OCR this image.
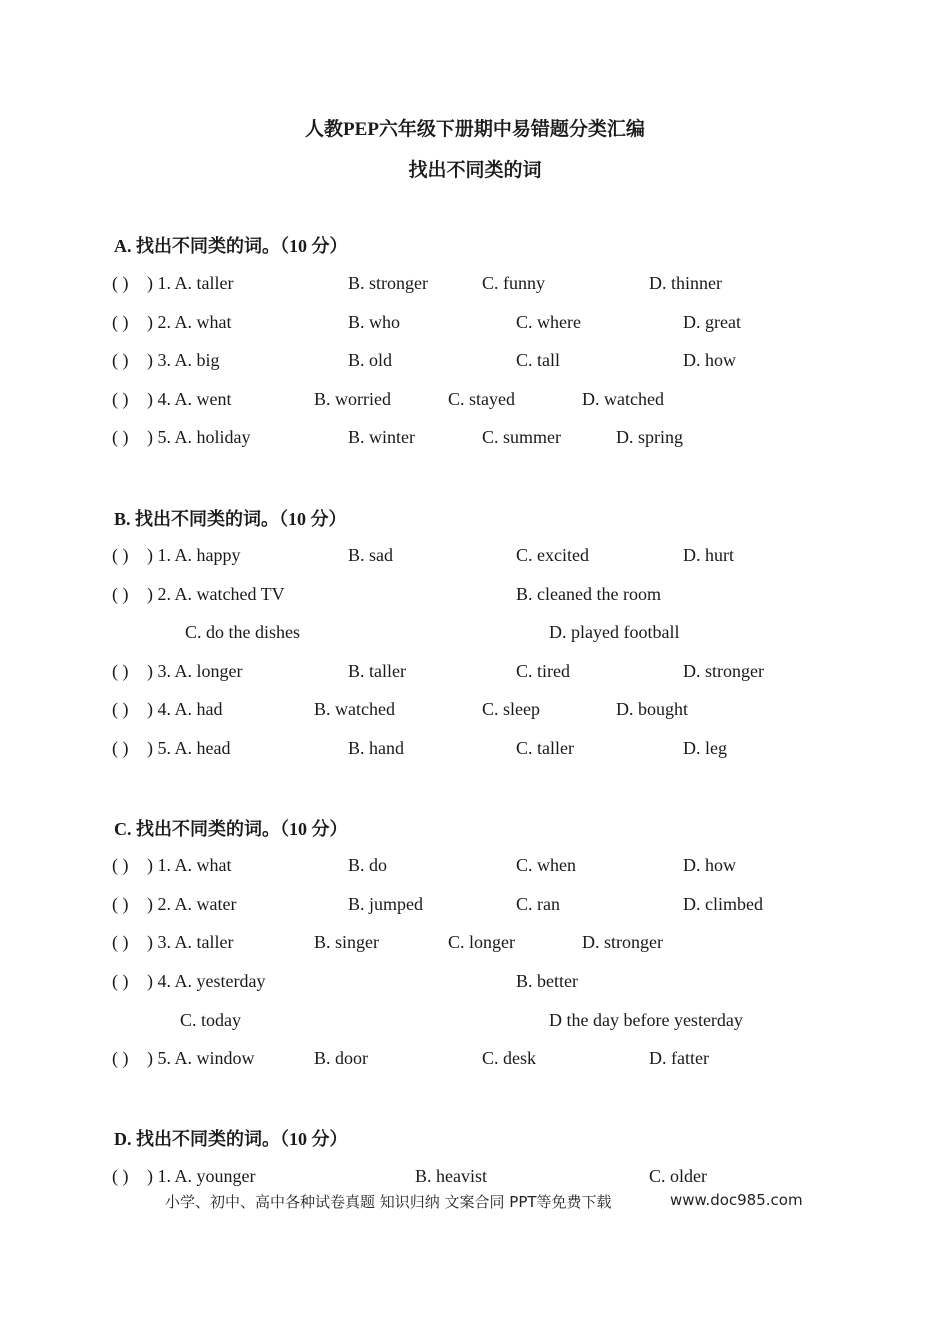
人教PEP六年级下册期中易错题分类汇编
找出不同类的词
A. 找出不同类的词。（10 分）
( ) ) 1. A. taller	B. stronger	C. funny	D. thinner
( ) ) 2. A. what	B. who	C. where	D. great
( ) ) 3. A. big	B. old	C. tall	D. how
( ) ) 4. A. went	B. worried	C. stayed	D. watched
( ) ) 5. A. holiday	B. winter	C. summer	D. spring
B. 找出不同类的词。（10 分）
( ) ) 1. A. happy	B. sad	C. excited	D. hurt
( ) ) 2. A. watched TV	B. cleaned the room
C. do the dishes	D. played football
( ) ) 3. A. longer	B. taller	C. tired	D. stronger
( ) ) 4. A. had	B. watched	C. sleep	D. bought
( ) ) 5. A. head	B. hand	C. taller	D. leg
C. 找出不同类的词。（10 分）
( ) ) 1. A. what	B. do	C. when	D. how
( ) ) 2. A. water	B. jumped	C. ran	D. climbed
( ) ) 3. A. taller	B. singer	C. longer	D. stronger
( ) ) 4. A. yesterday	B. better
C. today	D the day before yesterday
( ) ) 5. A. window	B. door	C. desk	D. fatter
D. 找出不同类的词。（10 分）
( ) ) 1. A. younger	B. heavist	C. older
小学、初中、高中各种试卷真题 知识归纳 文案合同 PPT等免费下载	www.doc985.com
